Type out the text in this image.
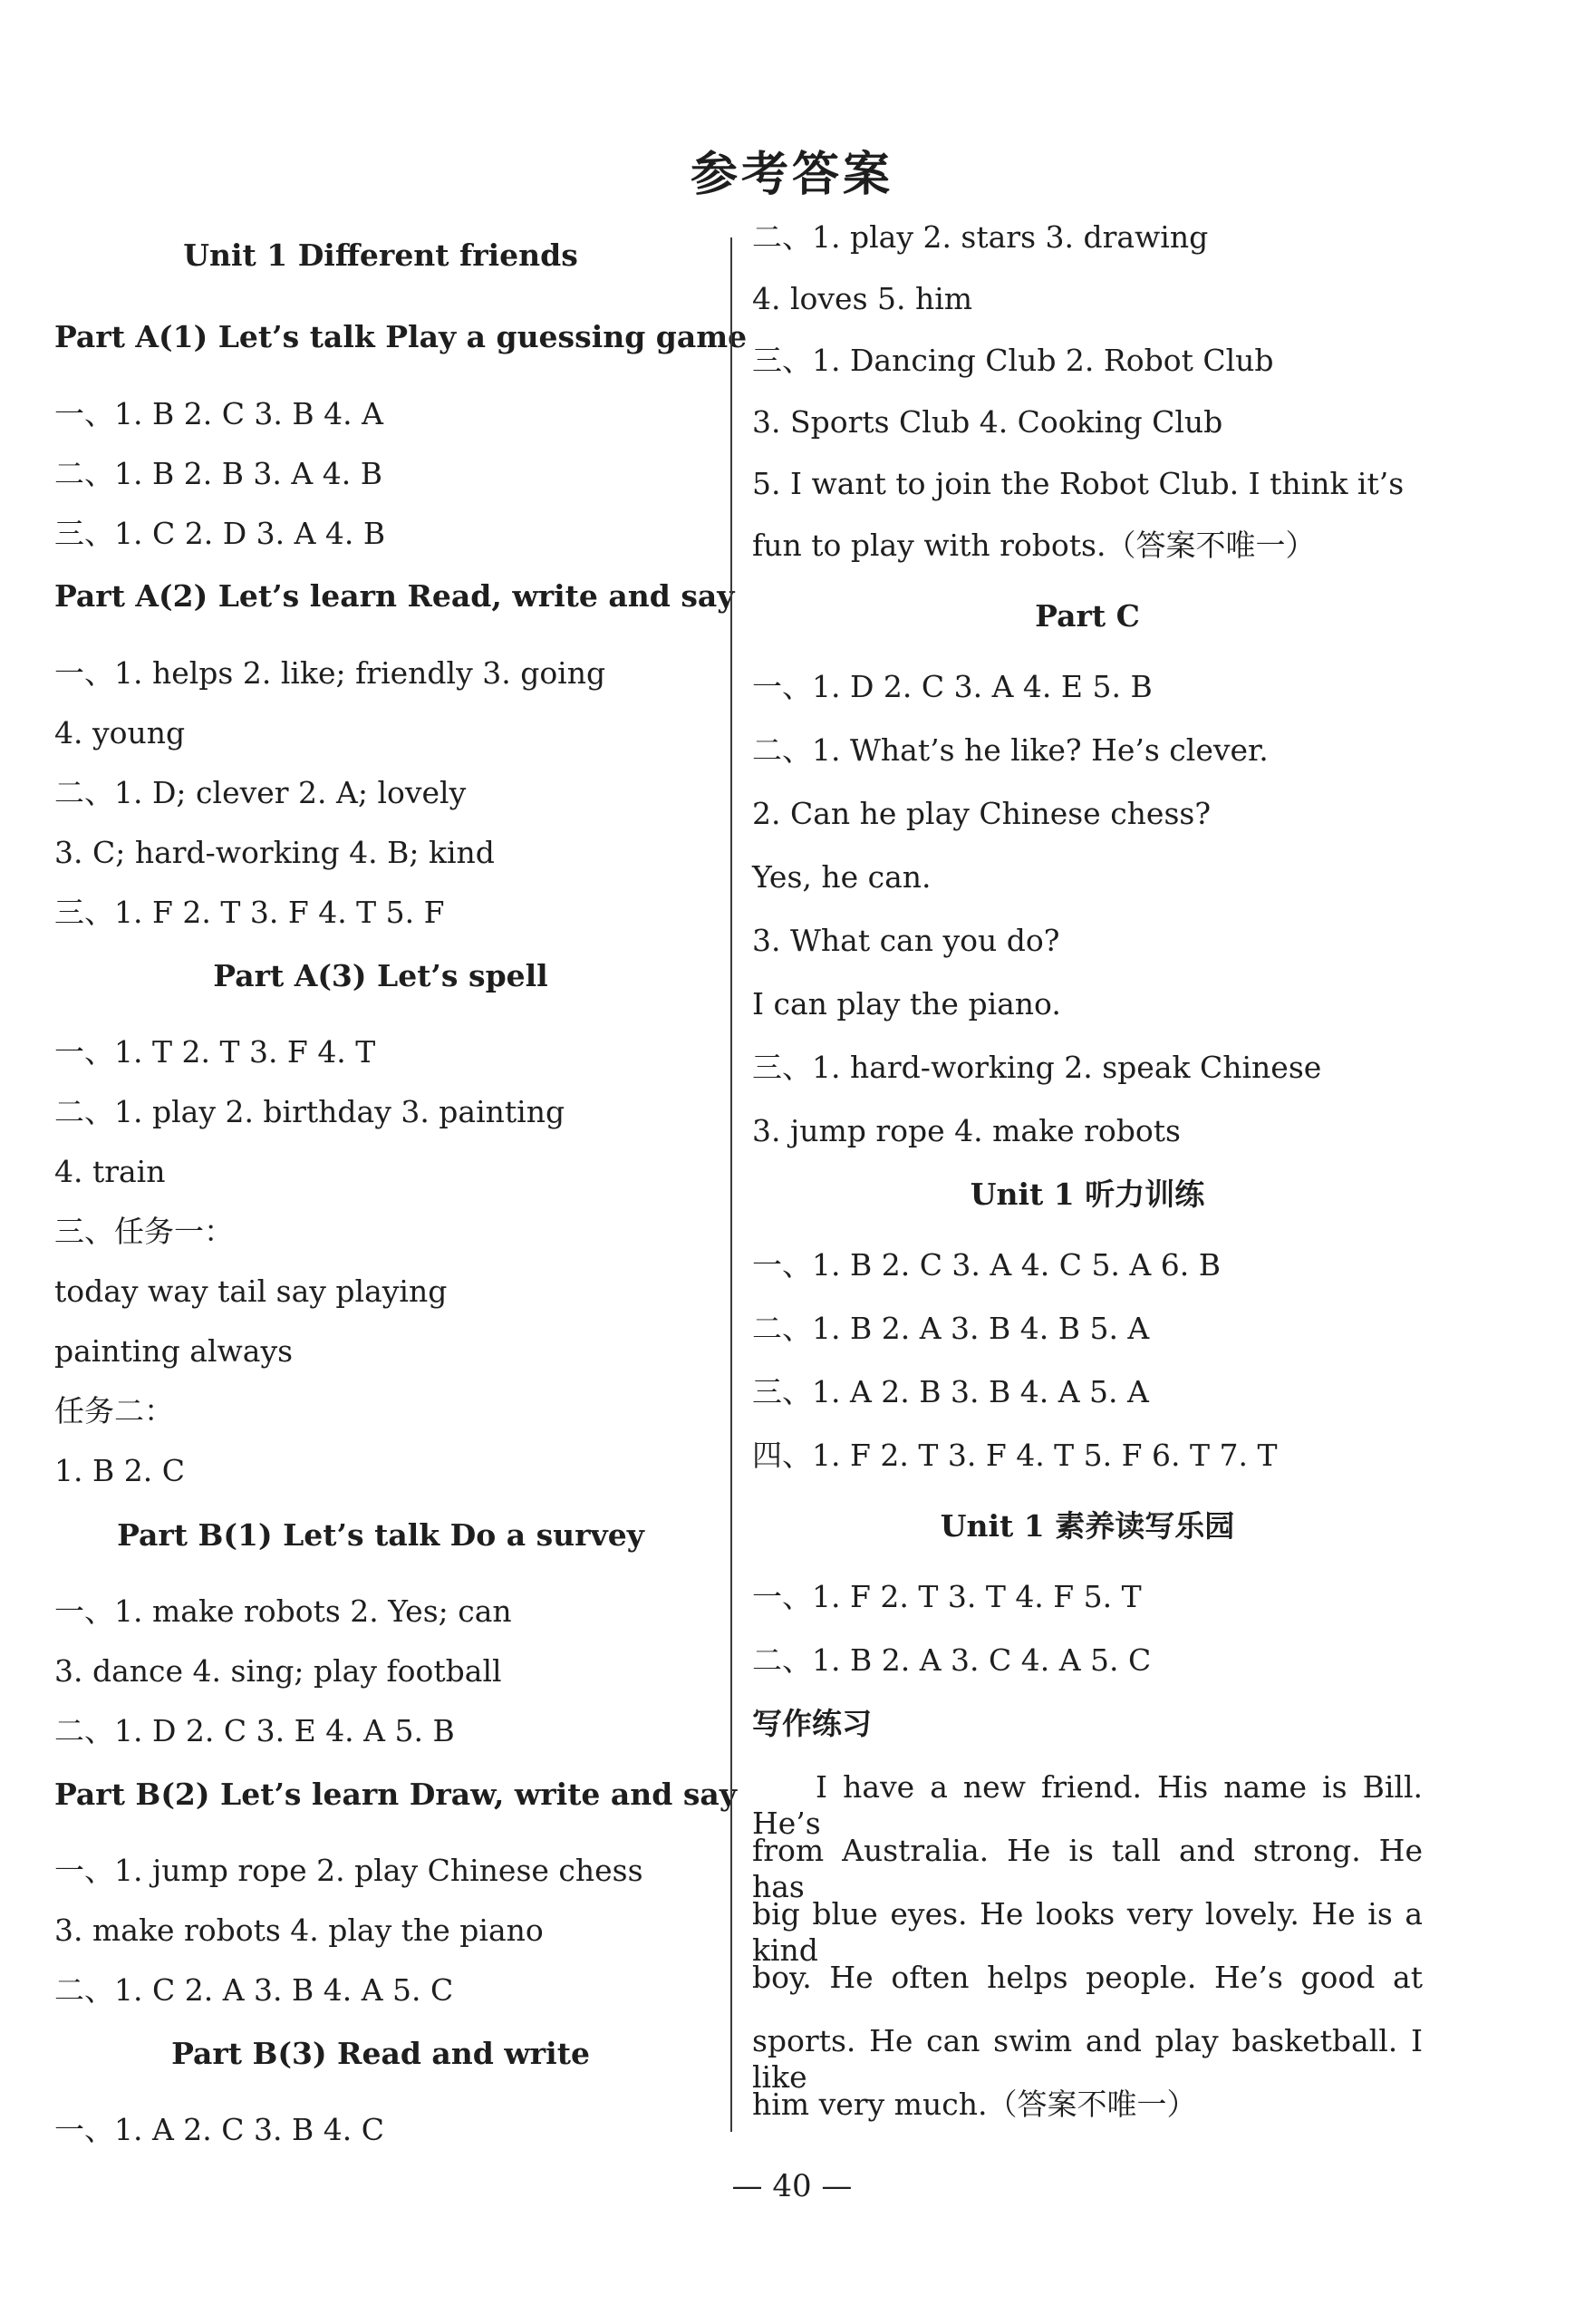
参考答案
Unit 1 Different friends
Part A(1) Let’s talk Play a guessing game
一、1. B 2. C 3. B 4. A
二、1. B 2. B 3. A 4. B
三、1. C 2. D 3. A 4. B
Part A(2) Let’s learn Read, write and say
一、1. helps 2. like; friendly 3. going
4. young
二、1. D; clever 2. A; lovely
3. C; hard-working 4. B; kind
三、1. F 2. T 3. F 4. T 5. F
Part A(3) Let’s spell
一、1. T 2. T 3. F 4. T
二、1. play 2. birthday 3. painting
4. train
三、任务一：
today way tail say playing
painting always
任务二：
1. B 2. C
Part B(1) Let’s talk Do a survey
一、1. make robots 2. Yes; can
3. dance 4. sing; play football
二、1. D 2. C 3. E 4. A 5. B
Part B(2) Let’s learn Draw, write and say
一、1. jump rope 2. play Chinese chess
3. make robots 4. play the piano
二、1. C 2. A 3. B 4. A 5. C
Part B(3) Read and write
一、1. A 2. C 3. B 4. C
二、1. play 2. stars 3. drawing
4. loves 5. him
三、1. Dancing Club 2. Robot Club
3. Sports Club 4. Cooking Club
5. I want to join the Robot Club. I think it’s
fun to play with robots.（答案不唯一）
Part C
一、1. D 2. C 3. A 4. E 5. B
二、1. What’s he like? He’s clever.
2. Can he play Chinese chess?
Yes, he can.
3. What can you do?
I can play the piano.
三、1. hard-working 2. speak Chinese
3. jump rope 4. make robots
Unit 1 听力训练
一、1. B 2. C 3. A 4. C 5. A 6. B
二、1. B 2. A 3. B 4. B 5. A
三、1. A 2. B 3. B 4. A 5. A
四、1. F 2. T 3. F 4. T 5. F 6. T 7. T
Unit 1 素养读写乐园
一、1. F 2. T 3. T 4. F 5. T
二、1. B 2. A 3. C 4. A 5. C
写作练习
I have a new friend. His name is Bill. He’s
from Australia. He is tall and strong. He has
big blue eyes. He looks very lovely. He is a kind
boy. He often helps people. He’s good at
sports. He can swim and play basketball. I like
him very much.（答案不唯一）
— 40 —
